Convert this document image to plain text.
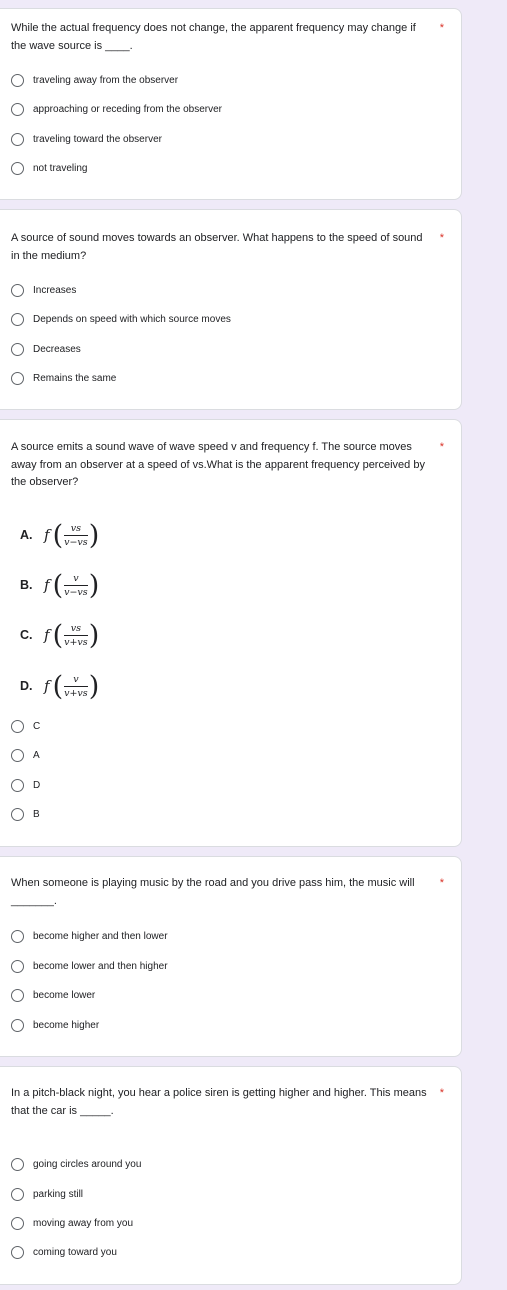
While the actual frequency does not change, the apparent frequency may change if the wave source is ____.
*
traveling away from the observer
approaching or receding from the observer
traveling toward the observer
not traveling
A source of sound moves towards an observer. What happens to the speed of sound in the medium?
*
Increases
Depends on speed with which source moves
Decreases
Remains the same
A source emits a sound wave of wave speed v and frequency f. The source moves away from an observer at a speed of vs.What is the apparent frequency perceived by the observer?
*
A. f ( $\frac{vs}{v-vs}$ )
B. f ( $\frac{v}{v-vs}$ )
C. f ( $\frac{vs}{v+vs}$ )
D. f ( $\frac{v}{v+vs}$ )
C
A
D
B
When someone is playing music by the road and you drive pass him, the music will _______.
*
become higher and then lower
become lower and then higher
become lower
become higher
In a pitch-black night, you hear a police siren is getting higher and higher. This means that the car is _____.
*
going circles around you
parking still
moving away from you
coming toward you
